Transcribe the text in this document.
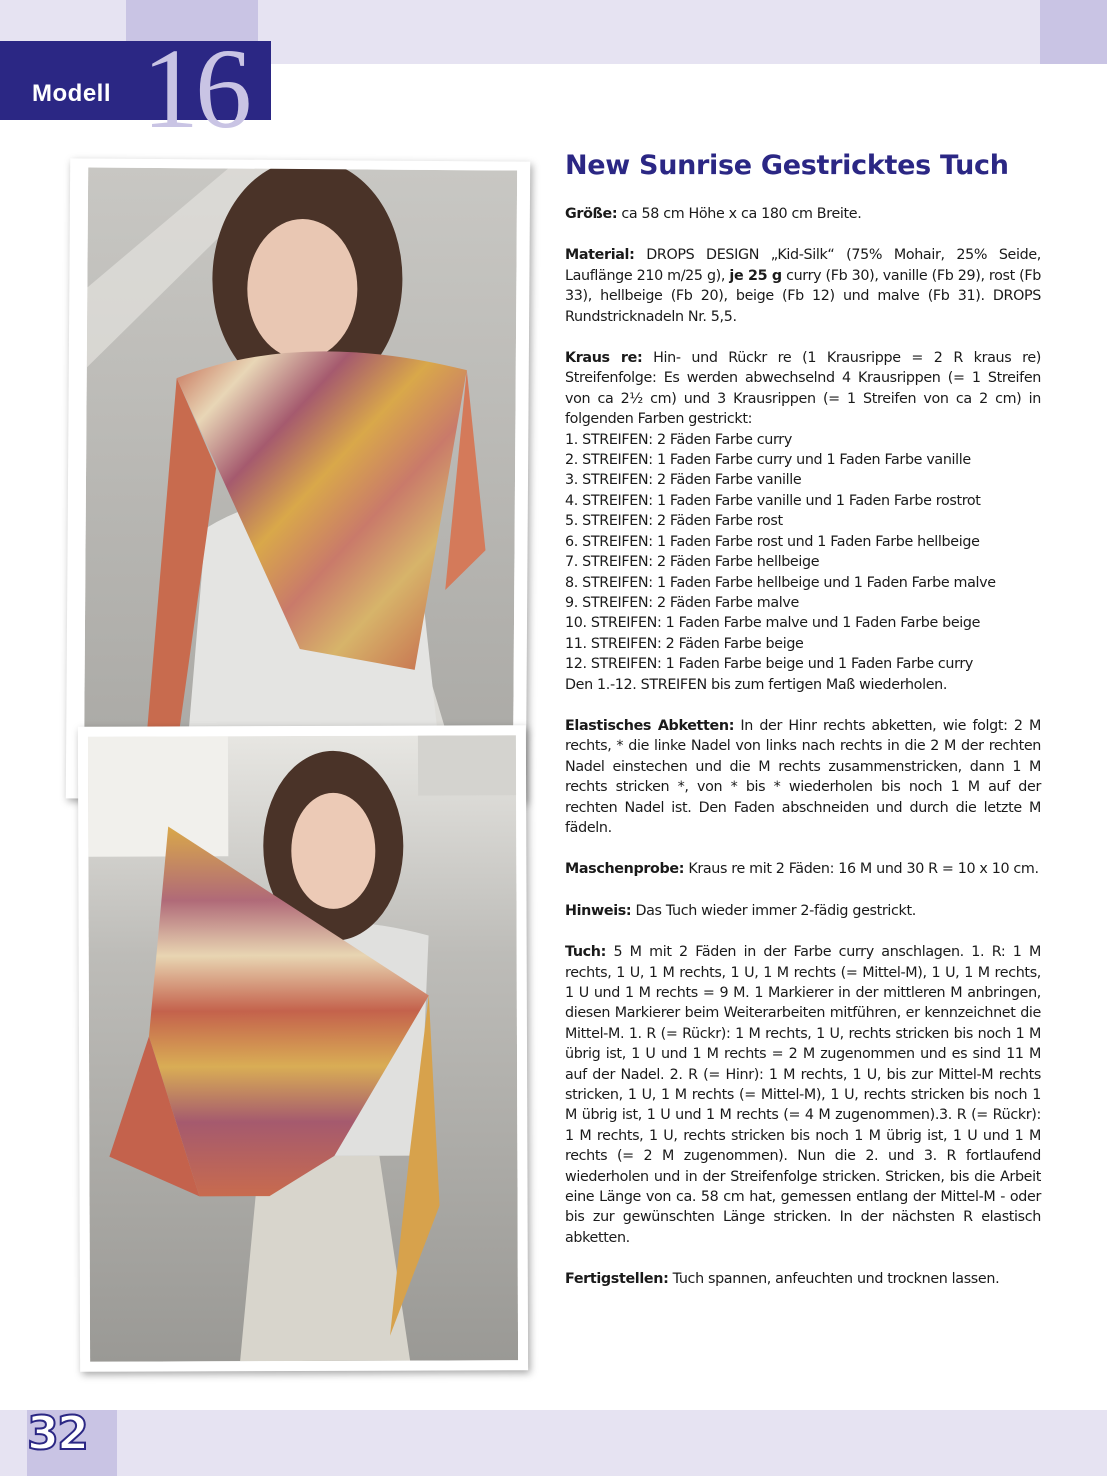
Modell 16
New Sunrise Gestricktes Tuch

Größe: ca 58 cm Höhe x ca 180 cm Breite.

Material: DROPS DESIGN „Kid-Silk“ (75% Mohair, 25% Seide, Lauflänge 210 m/25 g), je 25 g curry (Fb 30), vanille (Fb 29), rost (Fb 33), hellbeige (Fb 20), beige (Fb 12) und malve (Fb 31). DROPS Rundstricknadeln Nr. 5,5.

Kraus re: Hin- und Rückr re (1 Krausrippe = 2 R kraus re) Streifenfolge: Es werden abwechselnd 4 Krausrippen (= 1 Streifen von ca 2½ cm) und 3 Krausrippen (= 1 Streifen von ca 2 cm) in folgenden Farben gestrickt:

1. STREIFEN: 2 Fäden Farbe curry
2. STREIFEN: 1 Faden Farbe curry und 1 Faden Farbe vanille
3. STREIFEN: 2 Fäden Farbe vanille
4. STREIFEN: 1 Faden Farbe vanille und 1 Faden Farbe rostrot
5. STREIFEN: 2 Fäden Farbe rost
6. STREIFEN: 1 Faden Farbe rost und 1 Faden Farbe hellbeige
7. STREIFEN: 2 Fäden Farbe hellbeige
8. STREIFEN: 1 Faden Farbe hellbeige und 1 Faden Farbe malve
9. STREIFEN: 2 Fäden Farbe malve
10. STREIFEN: 1 Faden Farbe malve und 1 Faden Farbe beige
11. STREIFEN: 2 Fäden Farbe beige
12. STREIFEN: 1 Faden Farbe beige und 1 Faden Farbe curry

Den 1.-12. STREIFEN bis zum fertigen Maß wiederholen.

Elastisches Abketten: In der Hinr rechts abketten, wie folgt: 2 M rechts, * die linke Nadel von links nach rechts in die 2 M der rechten Nadel einstechen und die M rechts zusammenstricken, dann 1 M rechts stricken *, von * bis * wiederholen bis noch 1 M auf der rechten Nadel ist. Den Faden abschneiden und durch die letzte M fädeln.

Maschenprobe: Kraus re mit 2 Fäden: 16 M und 30 R = 10 x 10 cm.

Hinweis: Das Tuch wieder immer 2-fädig gestrickt.

Tuch: 5 M mit 2 Fäden in der Farbe curry anschlagen. 1. R: 1 M rechts, 1 U, 1 M rechts, 1 U, 1 M rechts (= Mittel-M), 1 U, 1 M rechts, 1 U und 1 M rechts = 9 M. 1 Markierer in der mittleren M anbringen, diesen Markierer beim Weiterarbeiten mitführen, er kennzeichnet die Mittel-M. 1. R (= Rückr): 1 M rechts, 1 U, rechts stricken bis noch 1 M übrig ist, 1 U und 1 M rechts = 2 M zugenommen und es sind 11 M auf der Nadel. 2. R (= Hinr): 1 M rechts, 1 U, bis zur Mittel-M rechts stricken, 1 U, 1 M rechts (= Mittel-M), 1 U, rechts stricken bis noch 1 M übrig ist, 1 U und 1 M rechts (= 4 M zugenommen).3. R (= Rückr): 1 M rechts, 1 U, rechts stricken bis noch 1 M übrig ist, 1 U und 1 M rechts (= 2 M zugenommen). Nun die 2. und 3. R fortlaufend wiederholen und in der Streifenfolge stricken. Stricken, bis die Arbeit eine Länge von ca. 58 cm hat, gemessen entlang der Mittel-M - oder bis zur gewünschten Länge stricken. In der nächsten R elastisch abketten.

Fertigstellen: Tuch spannen, anfeuchten und trocknen lassen.

32
